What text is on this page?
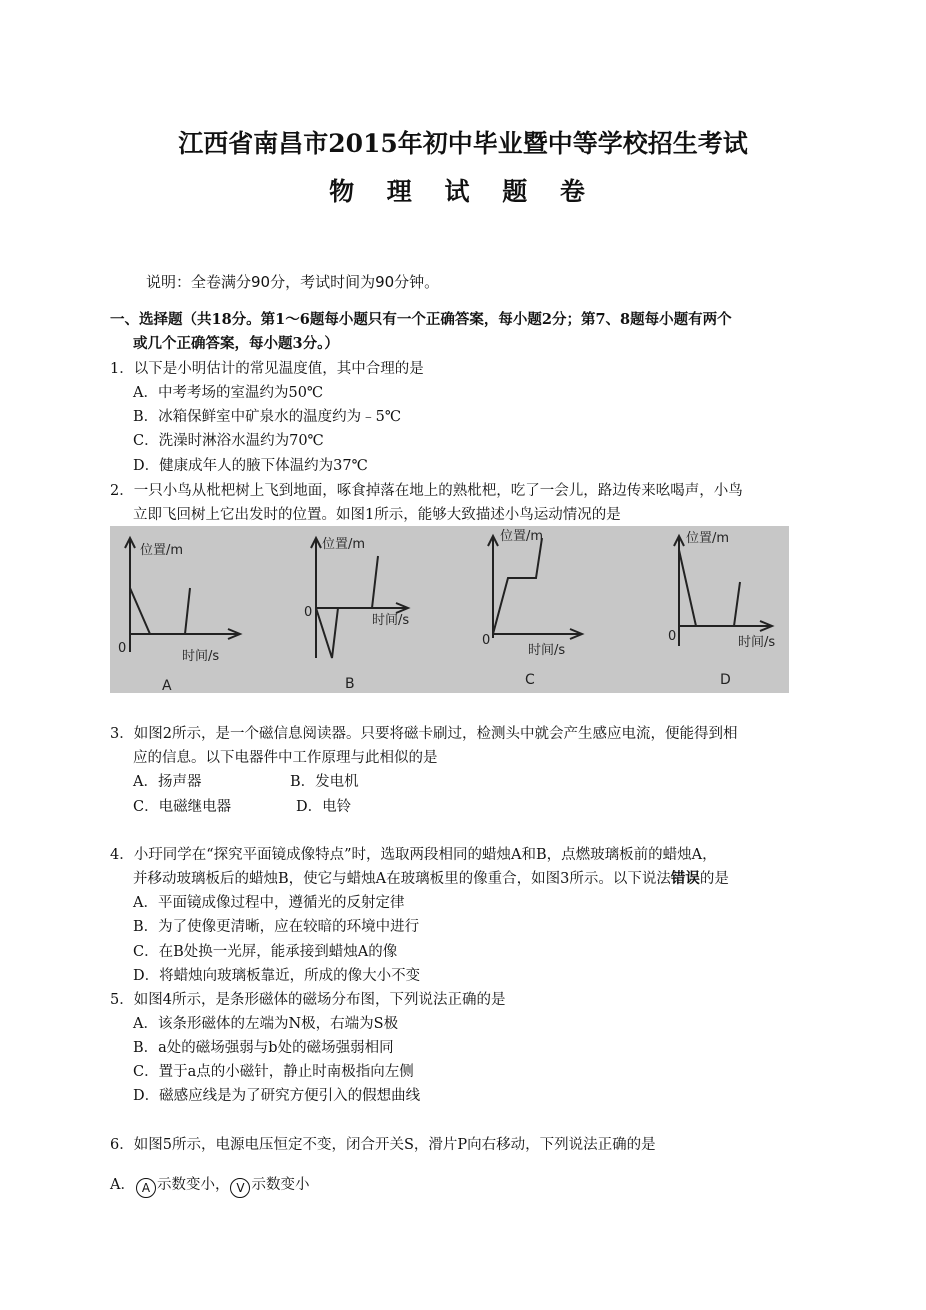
江西省南昌市2015年初中毕业暨中等学校招生考试
物 理 试 题 卷
说明：全卷满分90分，考试时间为90分钟。
一、选择题（共18分。第1～6题每小题只有一个正确答案，每小题2分；第7、8题每小题有两个
或几个正确答案，每小题3分。）
1．以下是小明估计的常见温度值，其中合理的是
A．中考考场的室温约为50℃
B．冰箱保鲜室中矿泉水的温度约为﹣5℃
C．洗澡时淋浴水温约为70℃
D．健康成年人的腋下体温约为37℃
2．一只小鸟从枇杷树上飞到地面，啄食掉落在地上的熟枇杷，吃了一会儿，路边传来吆喝声，小鸟
立即飞回树上它出发时的位置。如图1所示，能够大致描述小鸟运动情况的是
位置/m
时间/s
0
A
位置/m
时间/s
0
B
位置/m
时间/s
0
C
位置/m
时间/s
0
D
3．如图2所示，是一个磁信息阅读器。只要将磁卡刷过，检测头中就会产生感应电流，便能得到相
应的信息。以下电器件中工作原理与此相似的是
A．扬声器	B．发电机
C．电磁继电器	D．电铃
4．小玗同学在“探究平面镜成像特点”时，选取两段相同的蜡烛A和B，点燃玻璃板前的蜡烛A，
并移动玻璃板后的蜡烛B，使它与蜡烛A在玻璃板里的像重合，如图3所示。以下说法错误的是
A．平面镜成像过程中，遵循光的反射定律
B．为了使像更清晰，应在较暗的环境中进行
C．在B处换一光屏，能承接到蜡烛A的像
D．将蜡烛向玻璃板靠近，所成的像大小不变
5．如图4所示，是条形磁体的磁场分布图，下列说法正确的是
A．该条形磁体的左端为N极，右端为S极
B．a处的磁场强弱与b处的磁场强弱相同
C．置于a点的小磁针，静止时南极指向左侧
D．磁感应线是为了研究方便引入的假想曲线
6．如图5所示，电源电压恒定不变，闭合开关S，滑片P向右移动，下列说法正确的是
A． A 示数变小， V 示数变小
